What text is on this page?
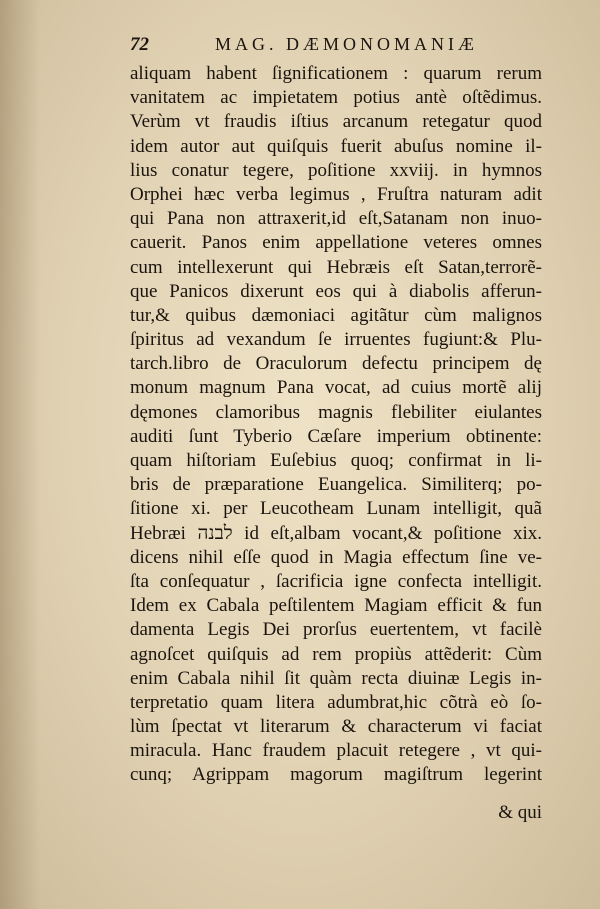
72	MAG. DÆMONOMANIÆ
aliquam habent ſignificationem : quarum rerum
vanitatem ac impietatem potius antè oſtẽdimus.
Verùm vt fraudis iſtius arcanum retegatur quod
idem autor aut quiſquis fuerit abuſus nomine il-
lius conatur tegere, poſitione xxviij. in hymnos
Orphei hæc verba legimus , Fruſtra naturam adit
qui Pana non attraxerit,id eſt,Satanam non inuo-
cauerit. Panos enim appellatione veteres omnes
cum intellexerunt qui Hebræis eſt Satan,terrorẽ-
que Panicos dixerunt eos qui à diabolis afferun-
tur,& quibus dæmoniaci agitãtur cùm malignos
ſpiritus ad vexandum ſe irruentes fugiunt:& Plu-
tarch.libro de Oraculorum defectu principem dę
monum magnum Pana vocat, ad cuius mortẽ alij
dęmones clamoribus magnis flebiliter eiulantes
auditi ſunt Tyberio Cæſare imperium obtinente:
quam hiſtoriam Euſebius quoq; confirmat in li-
bris de præparatione Euangelica. Similiterq; po-
ſitione xi. per Leucotheam Lunam intelligit, quã
Hebræi לבנה id eſt,albam vocant,& poſitione xix.
dicens nihil eſſe quod in Magia effectum ſine ve-
ſta conſequatur , ſacrificia igne confecta intelligit.
Idem ex Cabala peſtilentem Magiam efficit & fun
damenta Legis Dei prorſus euertentem, vt facilè
agnoſcet quiſquis ad rem propiùs attẽderit: Cùm
enim Cabala nihil ſit quàm recta diuinæ Legis in-
terpretatio quam litera adumbrat,hic cõtrà eò ſo-
lùm ſpectat vt literarum & characterum vi faciat
miracula. Hanc fraudem placuit retegere , vt qui-
cunq; Agrippam magorum magiſtrum legerint
& qui
